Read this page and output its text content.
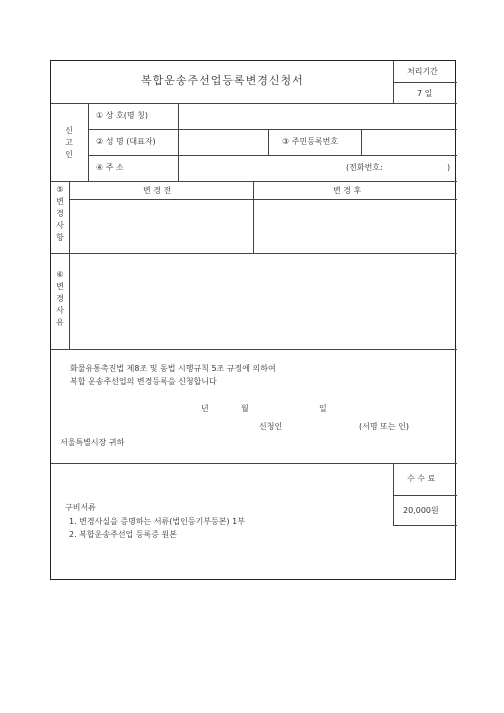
복합운송주선업등록변경신청서
처리기간
7 일
신
고
인
① 상 호(명 칭)
② 성 명 (대표자)	③ 주민등록번호
④ 주 소	(전화번호:	)
⑤
변
경
사
항
변 경 전	변 경 후
⑥
변
경
사
유
화물유통촉진법 제8조 및 동법 시행규칙 5조 규정에 의하여
복합 운송주선업의 변경등록을 신청합니다
년	월	일
신청인	(서명 또는 인)
서울특별시장 귀하
수 수 료
20,000원
구비서류
1. 변경사실을 증명하는 서류(법인등기부등본) 1부
2. 복합운송주선업 등록증 원본
